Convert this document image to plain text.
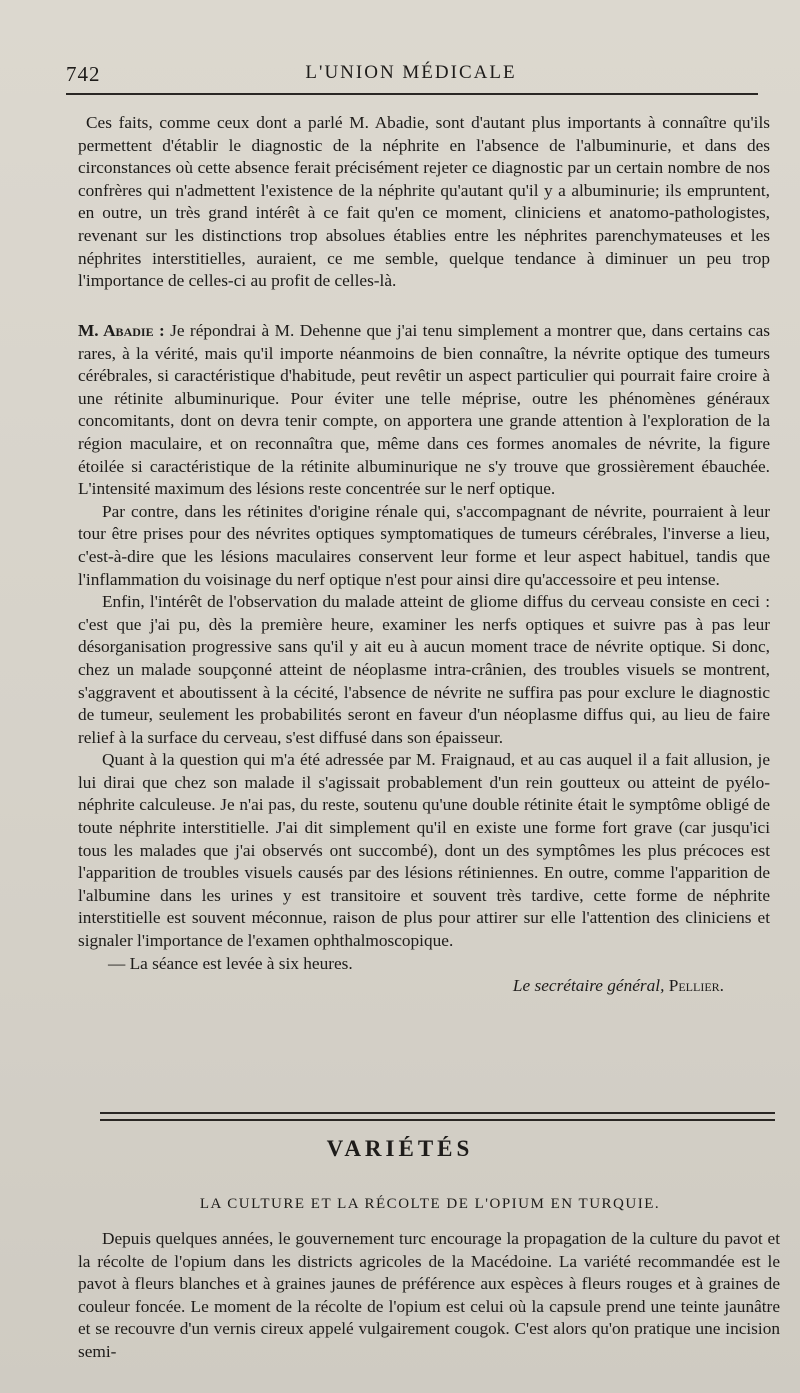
742	L'UNION MÉDICALE

Ces faits, comme ceux dont a parlé M. Abadie, sont d'autant plus importants à connaître qu'ils permettent d'établir le diagnostic de la néphrite en l'absence de l'albuminurie, et dans des circonstances où cette absence ferait précisément rejeter ce diagnostic par un certain nombre de nos confrères qui n'admettent l'existence de la néphrite qu'autant qu'il y a albuminurie; ils empruntent, en outre, un très grand intérêt à ce fait qu'en ce moment, cliniciens et anatomo-pathologistes, revenant sur les distinctions trop absolues établies entre les néphrites parenchymateuses et les néphrites interstitielles, auraient, ce me semble, quelque tendance à diminuer un peu trop l'importance de celles-ci au profit de celles-là.

M. Abadie : Je répondrai à M. Dehenne que j'ai tenu simplement a montrer que, dans certains cas rares, à la vérité, mais qu'il importe néanmoins de bien connaître, la névrite optique des tumeurs cérébrales, si caractéristique d'habitude, peut revêtir un aspect particulier qui pourrait faire croire à une rétinite albuminurique. Pour éviter une telle méprise, outre les phénomènes généraux concomitants, dont on devra tenir compte, on apportera une grande attention à l'exploration de la région maculaire, et on reconnaîtra que, même dans ces formes anomales de névrite, la figure étoilée si caractéristique de la rétinite albuminurique ne s'y trouve que grossièrement ébauchée. L'intensité maximum des lésions reste concentrée sur le nerf optique.

Par contre, dans les rétinites d'origine rénale qui, s'accompagnant de névrite, pourraient à leur tour être prises pour des névrites optiques symptomatiques de tumeurs cérébrales, l'inverse a lieu, c'est-à-dire que les lésions maculaires conservent leur forme et leur aspect habituel, tandis que l'inflammation du voisinage du nerf optique n'est pour ainsi dire qu'accessoire et peu intense.

Enfin, l'intérêt de l'observation du malade atteint de gliome diffus du cerveau consiste en ceci : c'est que j'ai pu, dès la première heure, examiner les nerfs optiques et suivre pas à pas leur désorganisation progressive sans qu'il y ait eu à aucun moment trace de névrite optique. Si donc, chez un malade soupçonné atteint de néoplasme intra-crânien, des troubles visuels se montrent, s'aggravent et aboutissent à la cécité, l'absence de névrite ne suffira pas pour exclure le diagnostic de tumeur, seulement les probabilités seront en faveur d'un néoplasme diffus qui, au lieu de faire relief à la surface du cerveau, s'est diffusé dans son épaisseur.

Quant à la question qui m'a été adressée par M. Fraignaud, et au cas auquel il a fait allusion, je lui dirai que chez son malade il s'agissait probablement d'un rein goutteux ou atteint de pyélo-néphrite calculeuse. Je n'ai pas, du reste, soutenu qu'une double rétinite était le symptôme obligé de toute néphrite interstitielle. J'ai dit simplement qu'il en existe une forme fort grave (car jusqu'ici tous les malades que j'ai observés ont succombé), dont un des symptômes les plus précoces est l'apparition de troubles visuels causés par des lésions rétiniennes. En outre, comme l'apparition de l'albumine dans les urines y est transitoire et souvent très tardive, cette forme de néphrite interstitielle est souvent méconnue, raison de plus pour attirer sur elle l'attention des cliniciens et signaler l'importance de l'examen ophthalmoscopique.

— La séance est levée à six heures.

Le secrétaire général, Pellier.

VARIÉTÉS
LA CULTURE ET LA RÉCOLTE DE L'OPIUM EN TURQUIE.

Depuis quelques années, le gouvernement turc encourage la propagation de la culture du pavot et la récolte de l'opium dans les districts agricoles de la Macédoine. La variété recommandée est le pavot à fleurs blanches et à graines jaunes de préférence aux espèces à fleurs rouges et à graines de couleur foncée. Le moment de la récolte de l'opium est celui où la capsule prend une teinte jaunâtre et se recouvre d'un vernis cireux appelé vulgairement cougok. C'est alors qu'on pratique une incision semi-
